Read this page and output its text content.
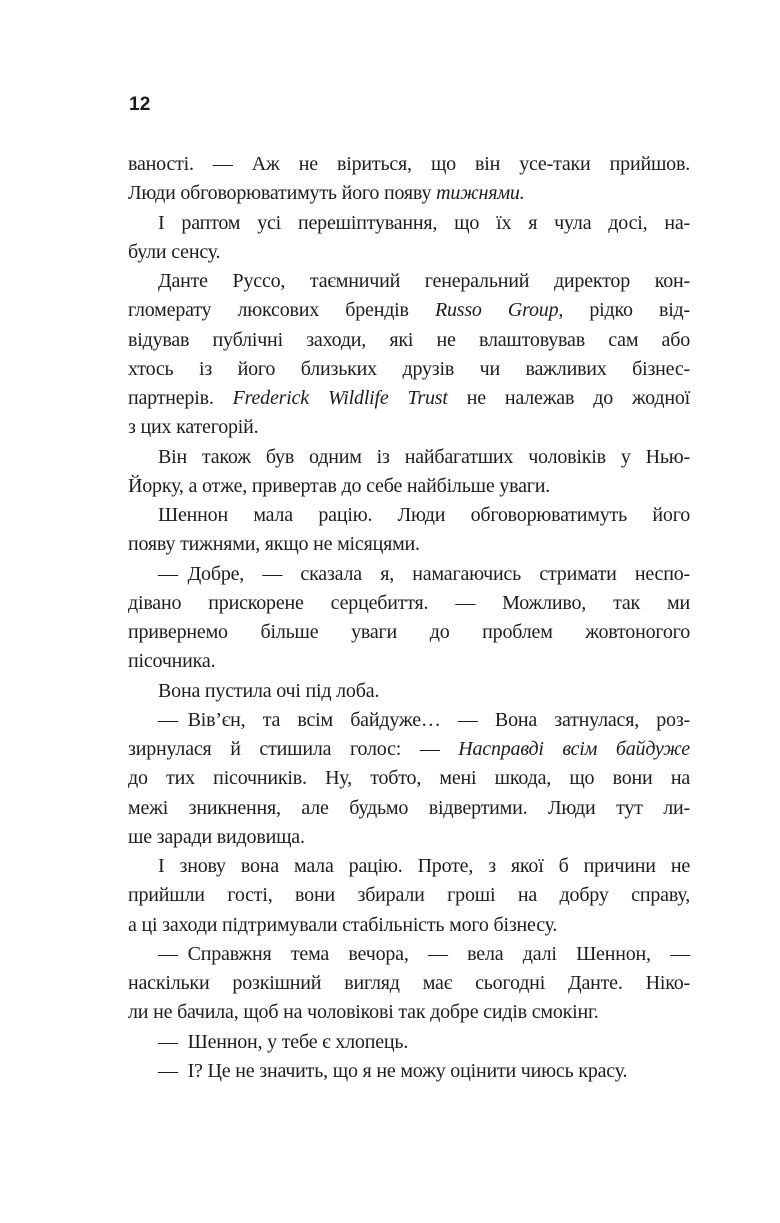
12
ваності. — Аж не віриться, що він усе-таки прийшов.
Люди обговорюватимуть його появу тижнями.
І раптом усі перешіптування, що їх я чула досі, на-
були сенсу.
Данте Руссо, таємничий генеральний директор кон-
гломерату люксових брендів Russo Group, рідко від-
відував публічні заходи, які не влаштовував сам або
хтось із його близьких друзів чи важливих бізнес-
партнерів. Frederick Wildlife Trust не належав до жодної
з цих категорій.
Він також був одним із найбагатших чоловіків у Нью-
Йорку, а отже, привертав до себе найбільше уваги.
Шеннон мала рацію. Люди обговорюватимуть його
появу тижнями, якщо не місяцями.
— Добре, — сказала я, намагаючись стримати неспо-
дівано прискорене серцебиття. — Можливо, так ми
привернемо більше уваги до проблем жовтоногого
пісочника.
Вона пустила очі під лоба.
— Вів’єн, та всім байдуже… — Вона затнулася, роз-
зирнулася й стишила голос: — Насправді всім байдуже
до тих пісочників. Ну, тобто, мені шкода, що вони на
межі зникнення, але будьмо відвертими. Люди тут ли-
ше заради видовища.
І знову вона мала рацію. Проте, з якої б причини не
прийшли гості, вони збирали гроші на добру справу,
а ці заходи підтримували стабільність мого бізнесу.
— Справжня тема вечора, — вела далі Шеннон, —
наскільки розкішний вигляд має сьогодні Данте. Ніко-
ли не бачила, щоб на чоловікові так добре сидів смокінг.
— Шеннон, у тебе є хлопець.
— І? Це не значить, що я не можу оцінити чиюсь красу.
